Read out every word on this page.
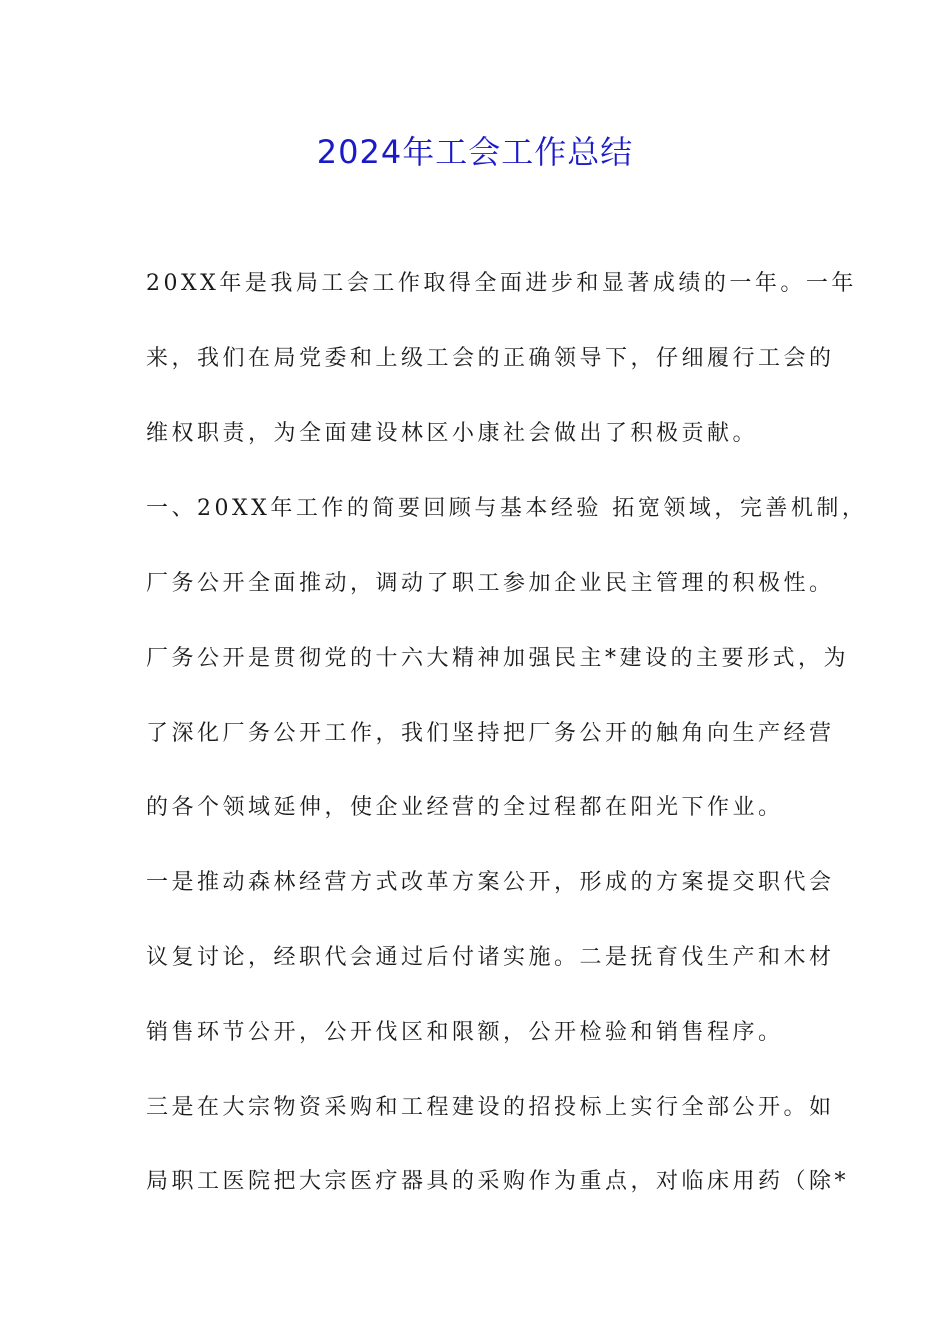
2024年工会工作总结
20XX年是我局工会工作取得全面进步和显著成绩的一年。一年
来，我们在局党委和上级工会的正确领导下，仔细履行工会的
维权职责，为全面建设林区小康社会做出了积极贡献。
一、20XX年工作的简要回顾与基本经验 拓宽领域，完善机制，
厂务公开全面推动，调动了职工参加企业民主管理的积极性。
厂务公开是贯彻党的十六大精神加强民主*建设的主要形式，为
了深化厂务公开工作，我们坚持把厂务公开的触角向生产经营
的各个领域延伸，使企业经营的全过程都在阳光下作业。
一是推动森林经营方式改革方案公开，形成的方案提交职代会
议复讨论，经职代会通过后付诸实施。二是抚育伐生产和木材
销售环节公开，公开伐区和限额，公开检验和销售程序。
三是在大宗物资采购和工程建设的招投标上实行全部公开。如
局职工医院把大宗医疗器具的采购作为重点，对临床用药（除*
